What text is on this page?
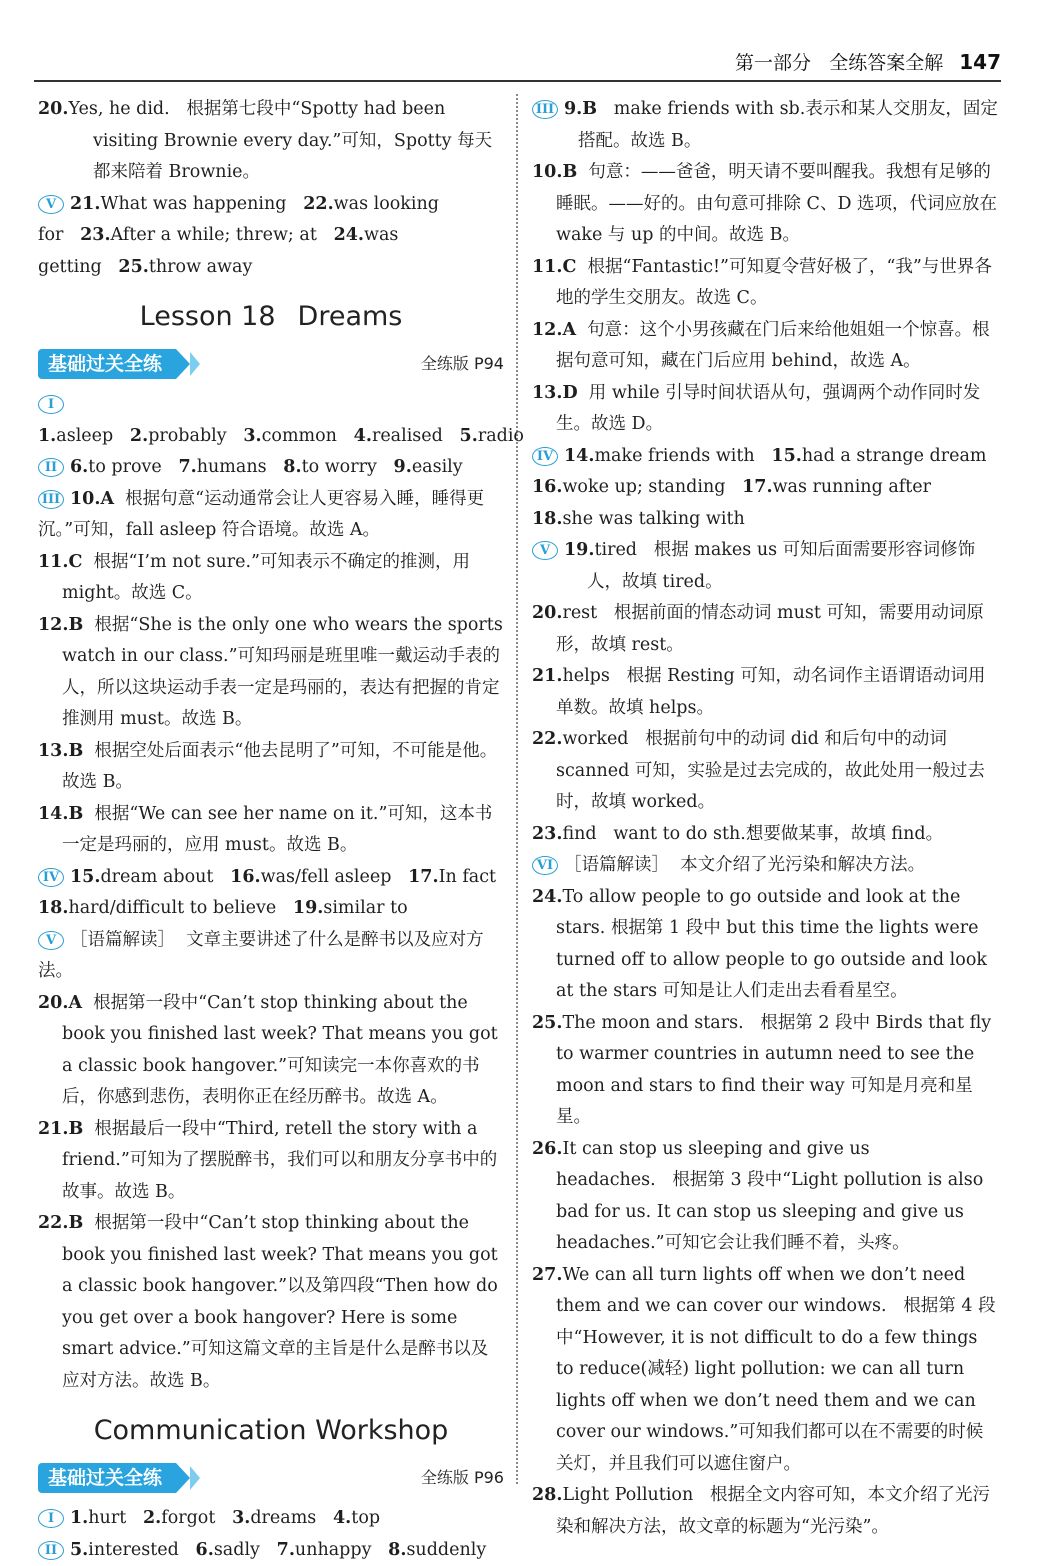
第一部分 全练答案全解 147

20.Yes, he did. 根据第七段中“Spotty had been visiting Brownie every day.”可知，Spotty 每天都来陪着 Brownie。

V 21.What was happening 22.was looking for 23.After a while; threw; at 24.was getting 25.throw away

Lesson 18 Dreams
基础过关全练	全练版 P94

I1.asleep 2.probably 3.common 4.realised 5.radio

II 6.to prove 7.humans 8.to worry 9.easily

III 10.A 根据句意“运动通常会让人更容易入睡，睡得更沉。”可知，fall asleep 符合语境。故选 A。

11.C 根据“I’m not sure.”可知表示不确定的推测，用 might。故选 C。

12.B 根据“She is the only one who wears the sports watch in our class.”可知玛丽是班里唯一戴运动手表的人，所以这块运动手表一定是玛丽的，表达有把握的肯定推测用 must。故选 B。

13.B 根据空处后面表示“他去昆明了”可知，不可能是他。故选 B。

14.B 根据“We can see her name on it.”可知，这本书一定是玛丽的，应用 must。故选 B。

IV 15.dream about 16.was/fell asleep 17.In fact

18.hard/difficult to believe 19.similar to

V ［语篇解读］ 文章主要讲述了什么是醉书以及应对方法。

20.A 根据第一段中“Can’t stop thinking about the book you finished last week? That means you got a classic book hangover.”可知读完一本你喜欢的书后，你感到悲伤，表明你正在经历醉书。故选 A。

21.B 根据最后一段中“Third, retell the story with a friend.”可知为了摆脱醉书，我们可以和朋友分享书中的故事。故选 B。

22.B 根据第一段中“Can’t stop thinking about the book you finished last week? That means you got a classic book hangover.”以及第四段“Then how do you get over a book hangover? Here is some smart advice.”可知这篇文章的主旨是什么是醉书以及应对方法。故选 B。

Communication Workshop
基础过关全练	全练版 P96

I 1.hurt 2.forgot 3.dreams 4.top

II 5.interested 6.sadly 7.unhappy 8.suddenly

III 9.B make friends with sb.表示和某人交朋友，固定搭配。故选 B。

10.B 句意：——爸爸，明天请不要叫醒我。我想有足够的睡眠。——好的。由句意可排除 C、D 选项，代词应放在 wake 与 up 的中间。故选 B。

11.C 根据“Fantastic!”可知夏令营好极了，“我”与世界各地的学生交朋友。故选 C。

12.A 句意：这个小男孩藏在门后来给他姐姐一个惊喜。根据句意可知，藏在门后应用 behind，故选 A。

13.D 用 while 引导时间状语从句，强调两个动作同时发生。故选 D。

IV 14.make friends with 15.had a strange dream

16.woke up; standing 17.was running after

18.she was talking with

V 19.tired 根据 makes us 可知后面需要形容词修饰人，故填 tired。

20.rest 根据前面的情态动词 must 可知，需要用动词原形，故填 rest。

21.helps 根据 Resting 可知，动名词作主语谓语动词用单数。故填 helps。

22.worked 根据前句中的动词 did 和后句中的动词 scanned 可知，实验是过去完成的，故此处用一般过去时，故填 worked。

23.find want to do sth.想要做某事，故填 find。

VI ［语篇解读］ 本文介绍了光污染和解决方法。

24.To allow people to go outside and look at the stars. 根据第 1 段中 but this time the lights were turned off to allow people to go outside and look at the stars 可知是让人们走出去看看星空。

25.The moon and stars. 根据第 2 段中 Birds that fly to warmer countries in autumn need to see the moon and stars to find their way 可知是月亮和星星。

26.It can stop us sleeping and give us headaches. 根据第 3 段中“Light pollution is also bad for us. It can stop us sleeping and give us headaches.”可知它会让我们睡不着，头疼。

27.We can all turn lights off when we don’t need them and we can cover our windows. 根据第 4 段中“However, it is not difficult to do a few things to reduce(减轻) light pollution: we can all turn lights off when we don’t need them and we can cover our windows.”可知我们都可以在不需要的时候关灯，并且我们可以遮住窗户。

28.Light Pollution 根据全文内容可知，本文介绍了光污染和解决方法，故文章的标题为“光污染”。
